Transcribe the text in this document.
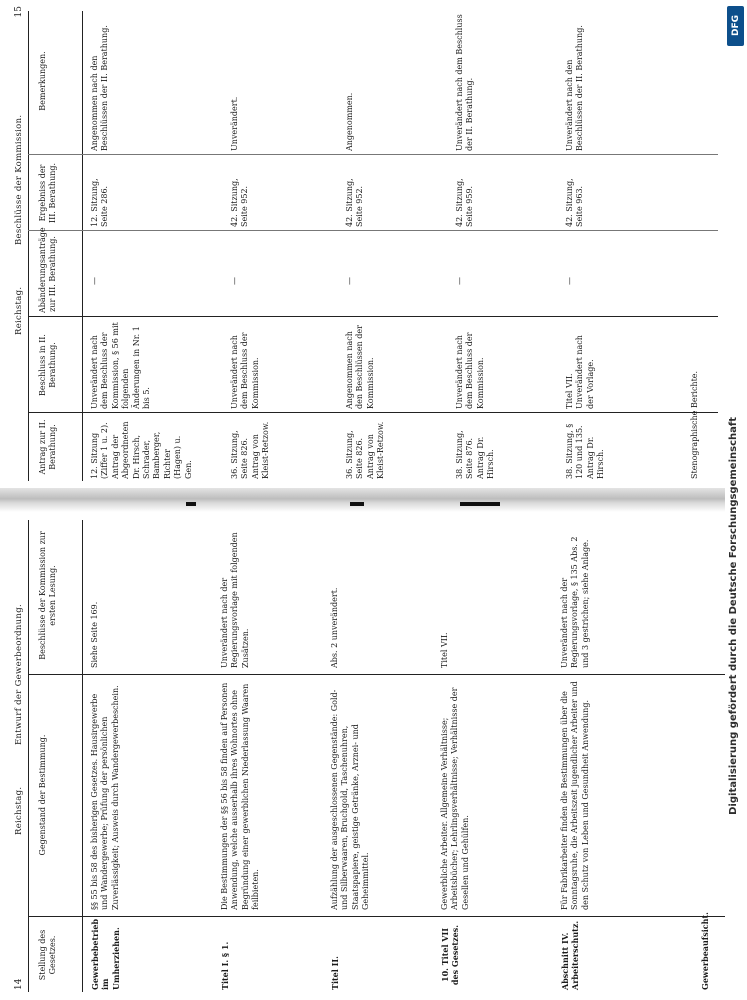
14
Reichstag.
Entwurf der Gewerbeordnung.
Stellung des Gesetzes.
Gegenstand der Bestimmung.
Beschlüsse der Kommission zur ersten Lesung.
Gewerbebetrieb im Umherziehen.
§§ 55 bis 58 des bisherigen Gesetzes. Hausirgewerbe und Wandergewerbe; Prüfung der persönlichen Zuverlässigkeit; Ausweis durch Wandergewerbeschein.
Siehe Seite 169.
Titel I. § 1.
Die Bestimmungen der §§ 56 bis 58 finden auf Personen Anwendung, welche ausserhalb ihres Wohnortes ohne Begründung einer gewerblichen Niederlassung Waaren feilbieten.
Unverändert nach der Regierungsvorlage mit folgenden Zusätzen.
Titel II.
Aufzählung der ausgeschlossenen Gegenstände: Gold- und Silberwaaren, Bruchgold, Taschenuhren, Staatspapiere, geistige Getränke, Arznei- und Geheimmittel.
Abs. 2 unverändert.
10. Titel VII des Gesetzes.
Gewerbliche Arbeiter. Allgemeine Verhältnisse; Arbeitsbücher; Lehrlingsverhältnisse; Verhältnisse der Gesellen und Gehülfen.
Titel VII.
Abschnitt IV. Arbeiterschutz.
Für Fabrikarbeiter finden die Bestimmungen über die Sonntagsruhe, die Arbeitszeit jugendlicher Arbeiter und den Schutz von Leben und Gesundheit Anwendung.
Unverändert nach der Regierungsvorlage, § 135 Abs. 2 und 3 gestrichen; siehe Anlage.
Gewerbeaufsicht.
15
Reichstag.
Beschlüsse der Kommission.
Antrag zur II. Berathung.
Beschluss in II. Berathung.
Abänderungsanträge zur III. Berathung.
Ergebniss der III. Berathung.
Bemerkungen.
12. Sitzung (Ziffer 1 u. 2). Antrag der Abgeordneten Dr. Hirsch, Schrader, Bamberger, Richter (Hagen) u. Gen.
Unverändert nach dem Beschluss der Kommission, § 56 mit folgenden Änderungen in Nr. 1 bis 5.
—
12. Sitzung, Seite 286.
Angenommen nach den Beschlüssen der II. Berathung.
36. Sitzung, Seite 826. Antrag von Kleist-Retzow.
Unverändert nach dem Beschluss der Kommission.
—
42. Sitzung, Seite 952.
Unverändert.
36. Sitzung, Seite 826. Antrag von Kleist-Retzow.
Angenommen nach den Beschlüssen der Kommission.
—
42. Sitzung, Seite 952.
Angenommen.
38. Sitzung, Seite 876. Antrag Dr. Hirsch.
Unverändert nach dem Beschluss der Kommission.
—
42. Sitzung, Seite 959.
Unverändert nach dem Beschluss der II. Berathung.
38. Sitzung, § 120 und 135. Antrag Dr. Hirsch.
Titel VII. Unverändert nach der Vorlage.
—
42. Sitzung, Seite 963.
Unverändert nach den Beschlüssen der II. Berathung.
Stenographische Berichte.
DFG
Digitalisierung gefördert durch die Deutsche Forschungsgemeinschaft
